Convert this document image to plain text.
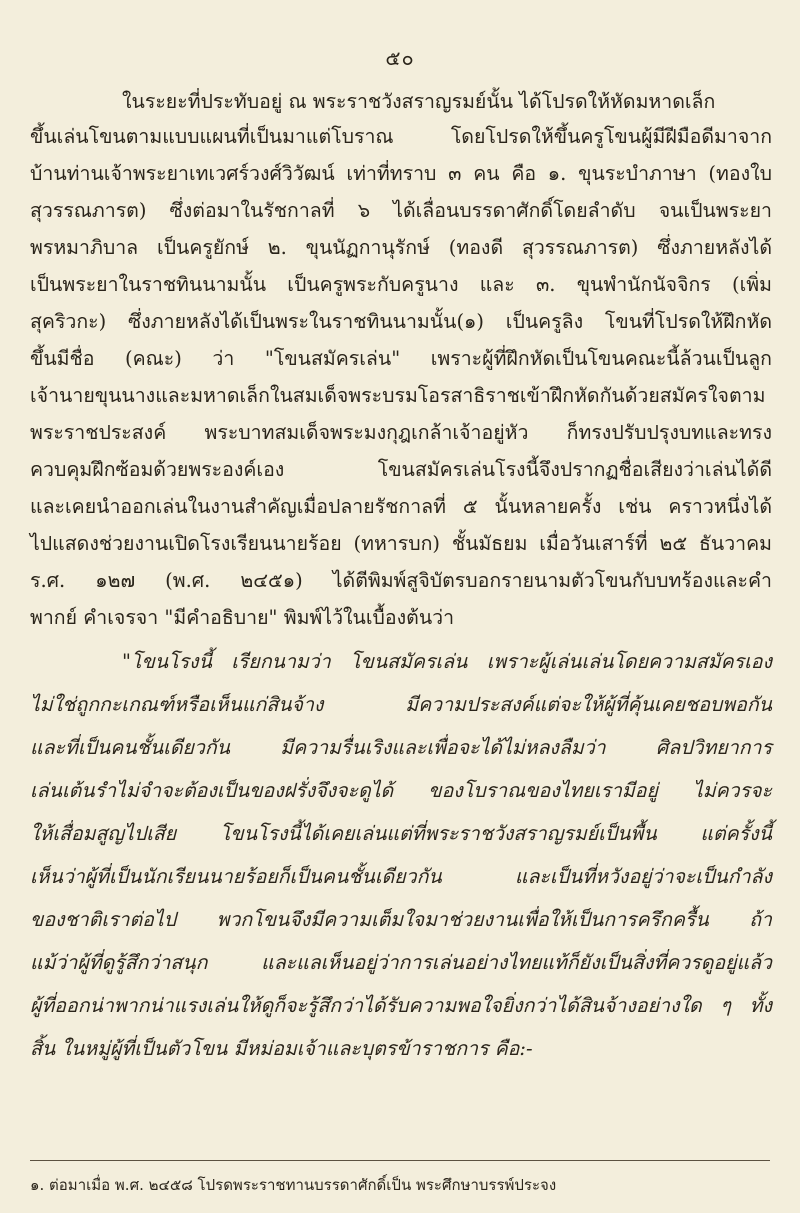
๕๐
ในระยะที่ประทับอยู่ ณ พระราชวังสราญรมย์นั้น ได้โปรดให้หัดมหาดเล็ก
ขึ้นเล่นโขนตามแบบแผนที่เป็นมาแต่โบราณ โดยโปรดให้ขึ้นครูโขนผู้มีฝีมือดีมาจาก
บ้านท่านเจ้าพระยาเทเวศร์วงศ์วิวัฒน์ เท่าที่ทราบ ๓ คน คือ ๑. ขุนระบำภาษา (ทองใบ
สุวรรณภารต) ซึ่งต่อมาในรัชกาลที่ ๖ ได้เลื่อนบรรดาศักดิ์โดยลำดับ จนเป็นพระยา
พรหมาภิบาล เป็นครูยักษ์ ๒. ขุนนัฏกานุรักษ์ (ทองดี สุวรรณภารต) ซึ่งภายหลังได้
เป็นพระยาในราชทินนามนั้น เป็นครูพระกับครูนาง และ ๓. ขุนพำนักนัจจิกร (เพิ่ม
สุคริวกะ) ซึ่งภายหลังได้เป็นพระในราชทินนามนั้น(๑) เป็นครูลิง โขนที่โปรดให้ฝึกหัด
ขึ้นมีชื่อ (คณะ) ว่า "โขนสมัครเล่น" เพราะผู้ที่ฝึกหัดเป็นโขนคณะนี้ล้วนเป็นลูก
เจ้านายขุนนางและมหาดเล็กในสมเด็จพระบรมโอรสาธิราชเข้าฝึกหัดกันด้วยสมัครใจตาม
พระราชประสงค์ พระบาทสมเด็จพระมงกุฎเกล้าเจ้าอยู่หัว ก็ทรงปรับปรุงบทและทรง
ควบคุมฝึกซ้อมด้วยพระองค์เอง โขนสมัครเล่นโรงนี้จึงปรากฏชื่อเสียงว่าเล่นได้ดี
และเคยนำออกเล่นในงานสำคัญเมื่อปลายรัชกาลที่ ๕ นั้นหลายครั้ง เช่น คราวหนึ่งได้
ไปแสดงช่วยงานเปิดโรงเรียนนายร้อย (ทหารบก) ชั้นมัธยม เมื่อวันเสาร์ที่ ๒๕ ธันวาคม
ร.ศ. ๑๒๗ (พ.ศ. ๒๔๕๑) ได้ตีพิมพ์สูจิบัตรบอกรายนามตัวโขนกับบทร้องและคำ
พากย์ คำเจรจา "มีคำอธิบาย" พิมพ์ไว้ในเบื้องต้นว่า
"โขนโรงนี้ เรียกนามว่า โขนสมัครเล่น เพราะผู้เล่นเล่นโดยความสมัครเอง
ไม่ใช่ถูกกะเกณฑ์หรือเห็นแก่สินจ้าง มีความประสงค์แต่จะให้ผู้ที่คุ้นเคยชอบพอกัน
และที่เป็นคนชั้นเดียวกัน มีความรื่นเริงและเพื่อจะได้ไม่หลงลืมว่า ศิลปวิทยาการ
เล่นเต้นรำไม่จำจะต้องเป็นของฝรั่งจึงจะดูได้ ของโบราณของไทยเรามีอยู่ ไม่ควรจะ
ให้เสื่อมสูญไปเสีย โขนโรงนี้ได้เคยเล่นแต่ที่พระราชวังสราญรมย์เป็นพื้น แต่ครั้งนี้
เห็นว่าผู้ที่เป็นนักเรียนนายร้อยก็เป็นคนชั้นเดียวกัน และเป็นที่หวังอยู่ว่าจะเป็นกำลัง
ของชาติเราต่อไป พวกโขนจึงมีความเต็มใจมาช่วยงานเพื่อให้เป็นการครึกครื้น ถ้า
แม้ว่าผู้ที่ดูรู้สึกว่าสนุก และแลเห็นอยู่ว่าการเล่นอย่างไทยแท้ก็ยังเป็นสิ่งที่ควรดูอยู่แล้ว
ผู้ที่ออกน่าพากน่าแรงเล่นให้ดูก็จะรู้สึกว่าได้รับความพอใจยิ่งกว่าได้สินจ้างอย่างใด ๆ ทั้ง
สิ้น ในหมู่ผู้ที่เป็นตัวโขน มีหม่อมเจ้าและบุตรข้าราชการ คือ:-
๑. ต่อมาเมื่อ พ.ศ. ๒๔๕๘ โปรดพระราชทานบรรดาศักดิ์เป็น พระศึกษาบรรพ์ประจง
